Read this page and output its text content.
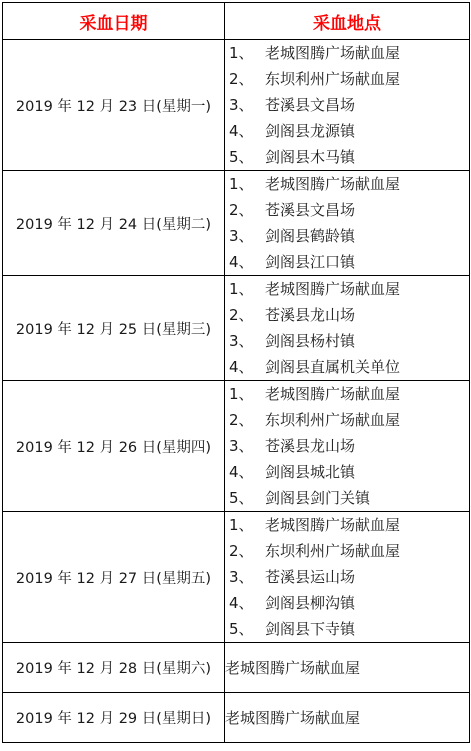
采血日期	采血地点
2019 年 12 月 23 日(星期一)	1、 老城图腾广场献血屋
2、 东坝利州广场献血屋
3、 苍溪县文昌场
4、 剑阁县龙源镇
5、 剑阁县木马镇

2019 年 12 月 24 日(星期二)	1、 老城图腾广场献血屋
2、 苍溪县文昌场
3、 剑阁县鹤龄镇
4、 剑阁县江口镇

2019 年 12 月 25 日(星期三)	1、 老城图腾广场献血屋
2、 苍溪县龙山场
3、 剑阁县杨村镇
4、 剑阁县直属机关单位

2019 年 12 月 26 日(星期四)	1、 老城图腾广场献血屋
2、 东坝利州广场献血屋
3、 苍溪县龙山场
4、 剑阁县城北镇
5、 剑阁县剑门关镇

2019 年 12 月 27 日(星期五)	1、 老城图腾广场献血屋
2、 东坝利州广场献血屋
3、 苍溪县运山场
4、 剑阁县柳沟镇
5、 剑阁县下寺镇

2019 年 12 月 28 日(星期六)	老城图腾广场献血屋
2019 年 12 月 29 日(星期日)	老城图腾广场献血屋
